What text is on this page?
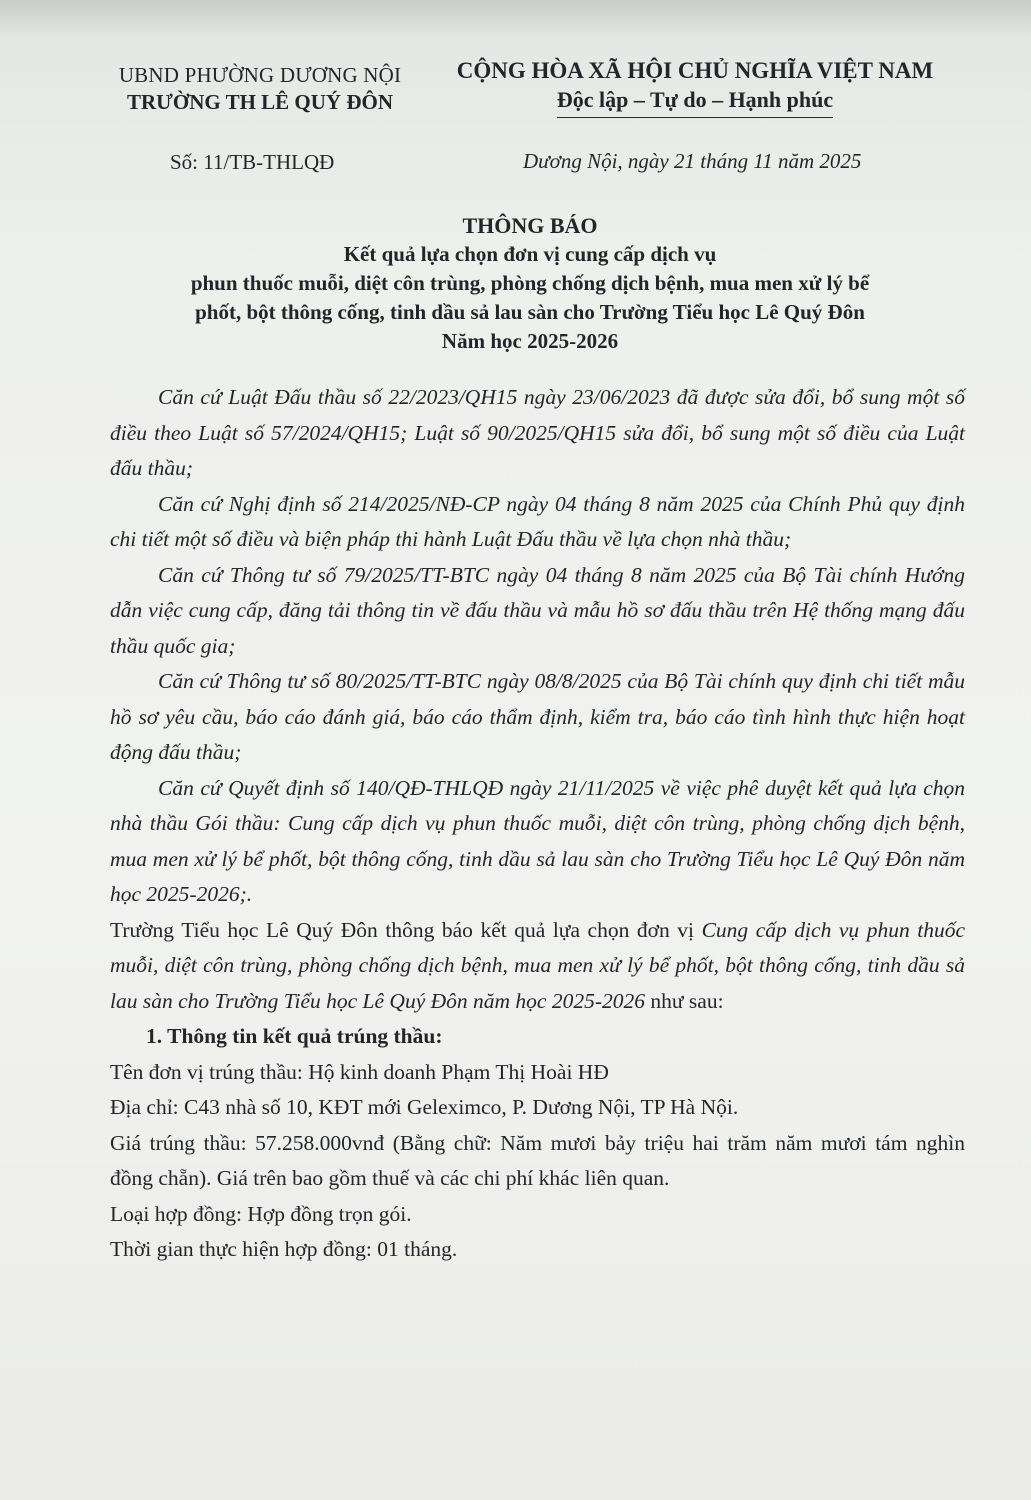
UBND PHƯỜNG DƯƠNG NỘI
TRƯỜNG TH LÊ QUÝ ĐÔN
CỘNG HÒA XÃ HỘI CHỦ NGHĨA VIỆT NAM
Độc lập – Tự do – Hạnh phúc
Số: 11/TB-THLQĐ	Dương Nội, ngày 21 tháng 11 năm 2025
THÔNG BÁO
Kết quả lựa chọn đơn vị cung cấp dịch vụ
phun thuốc muỗi, diệt côn trùng, phòng chống dịch bệnh, mua men xử lý bể
phốt, bột thông cống, tinh dầu sả lau sàn cho Trường Tiểu học Lê Quý Đôn
Năm học 2025-2026

Căn cứ Luật Đấu thầu số 22/2023/QH15 ngày 23/06/2023 đã được sửa đổi, bổ sung một số điều theo Luật số 57/2024/QH15; Luật số 90/2025/QH15 sửa đổi, bổ sung một số điều của Luật đấu thầu;

Căn cứ Nghị định số 214/2025/NĐ-CP ngày 04 tháng 8 năm 2025 của Chính Phủ quy định chi tiết một số điều và biện pháp thi hành Luật Đấu thầu về lựa chọn nhà thầu;

Căn cứ Thông tư số 79/2025/TT-BTC ngày 04 tháng 8 năm 2025 của Bộ Tài chính Hướng dẫn việc cung cấp, đăng tải thông tin về đấu thầu và mẫu hồ sơ đấu thầu trên Hệ thống mạng đấu thầu quốc gia;

Căn cứ Thông tư số 80/2025/TT-BTC ngày 08/8/2025 của Bộ Tài chính quy định chi tiết mẫu hồ sơ yêu cầu, báo cáo đánh giá, báo cáo thẩm định, kiểm tra, báo cáo tình hình thực hiện hoạt động đấu thầu;

Căn cứ Quyết định số 140/QĐ-THLQĐ ngày 21/11/2025 về việc phê duyệt kết quả lựa chọn nhà thầu Gói thầu: Cung cấp dịch vụ phun thuốc muỗi, diệt côn trùng, phòng chống dịch bệnh, mua men xử lý bể phốt, bột thông cống, tinh dầu sả lau sàn cho Trường Tiểu học Lê Quý Đôn năm học 2025-2026;.

Trường Tiểu học Lê Quý Đôn thông báo kết quả lựa chọn đơn vị Cung cấp dịch vụ phun thuốc muỗi, diệt côn trùng, phòng chống dịch bệnh, mua men xử lý bể phốt, bột thông cống, tinh dầu sả lau sàn cho Trường Tiểu học Lê Quý Đôn năm học 2025-2026 như sau:

1. Thông tin kết quả trúng thầu:

Tên đơn vị trúng thầu: Hộ kinh doanh Phạm Thị Hoài HĐ

Địa chỉ: C43 nhà số 10, KĐT mới Geleximco, P. Dương Nội, TP Hà Nội.

Giá trúng thầu: 57.258.000vnđ (Bằng chữ: Năm mươi bảy triệu hai trăm năm mươi tám nghìn đồng chẵn). Giá trên bao gồm thuế và các chi phí khác liên quan.

Loại hợp đồng: Hợp đồng trọn gói.

Thời gian thực hiện hợp đồng: 01 tháng.
